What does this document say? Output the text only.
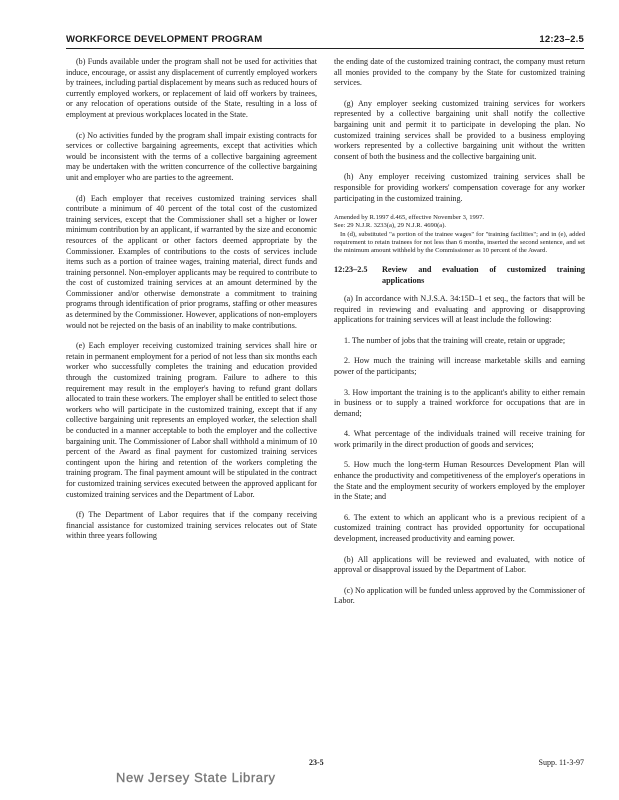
WORKFORCE DEVELOPMENT PROGRAM	12:23–2.5

(b) Funds available under the program shall not be used for activities that induce, encourage, or assist any displacement of currently employed workers by trainees, including partial displacement by means such as reduced hours of currently employed workers, or replacement of laid off workers by trainees, or any relocation of operations outside of the State, resulting in a loss of employment at previous workplaces located in the State.

(c) No activities funded by the program shall impair existing contracts for services or collective bargaining agreements, except that activities which would be inconsistent with the terms of a collective bargaining agreement may be undertaken with the written concurrence of the collective bargaining unit and employer who are parties to the agreement.

(d) Each employer that receives customized training services shall contribute a minimum of 40 percent of the total cost of the customized training services, except that the Commissioner shall set a higher or lower minimum contribution by an applicant, if warranted by the size and economic resources of the applicant or other factors deemed appropriate by the Commissioner. Examples of contributions to the costs of services include items such as a portion of trainee wages, training material, direct funds and training personnel. Non-employer applicants may be required to contribute to the cost of customized training services at an amount determined by the Commissioner and/or otherwise demonstrate a commitment to training programs through identification of prior programs, staffing or other measures as determined by the Commissioner. However, applications of non-employers would not be rejected on the basis of an inability to make contributions.

(e) Each employer receiving customized training services shall hire or retain in permanent employment for a period of not less than six months each worker who successfully completes the training and education provided through the customized training program. Failure to adhere to this requirement may result in the employer's having to refund grant dollars allocated to train these workers. The employer shall be entitled to select those workers who will participate in the customized training, except that if any collective bargaining unit represents an employed worker, the selection shall be conducted in a manner acceptable to both the employer and the collective bargaining unit. The Commissioner of Labor shall withhold a minimum of 10 percent of the Award as final payment for customized training services contingent upon the hiring and retention of the workers completing the training program. The final payment amount will be stipulated in the contract for customized training services executed between the approved applicant for customized training services and the Department of Labor.

(f) The Department of Labor requires that if the company receiving financial assistance for customized training services relocates out of State within three years following

the ending date of the customized training contract, the company must return all monies provided to the company by the State for customized training services.

(g) Any employer seeking customized training services for workers represented by a collective bargaining unit shall notify the collective bargaining unit and permit it to participate in developing the plan. No customized training services shall be provided to a business employing workers represented by a collective bargaining unit without the written consent of both the business and the collective bargaining unit.

(h) Any employer receiving customized training services shall be responsible for providing workers' compensation coverage for any worker participating in the customized training.

Amended by R.1997 d.465, effective November 3, 1997.
See: 29 N.J.R. 3233(a), 29 N.J.R. 4690(a).
In (d), substituted "a portion of the trainee wages" for "training facilities"; and in (e), added requirement to retain trainees for not less than 6 months, inserted the second sentence, and set the minimum amount withheld by the Commissioner as 10 percent of the Award.
12:23–2.5	Review and evaluation of customized training applications

(a) In accordance with N.J.S.A. 34:15D–1 et seq., the factors that will be required in reviewing and evaluating and approving or disapproving applications for training services will at least include the following:

1. The number of jobs that the training will create, retain or upgrade;

2. How much the training will increase marketable skills and earning power of the participants;

3. How important the training is to the applicant's ability to either remain in business or to supply a trained workforce for occupations that are in demand;

4. What percentage of the individuals trained will receive training for work primarily in the direct production of goods and services;

5. How much the long-term Human Resources Development Plan will enhance the productivity and competitiveness of the employer's operations in the State and the employment security of workers employed by the employer in the State; and

6. The extent to which an applicant who is a previous recipient of a customized training contract has provided opportunity for occupational development, increased productivity and earning power.

(b) All applications will be reviewed and evaluated, with notice of approval or disapproval issued by the Department of Labor.

(c) No application will be funded unless approved by the Commissioner of Labor.

23-5	Supp. 11-3-97
New Jersey State Library
